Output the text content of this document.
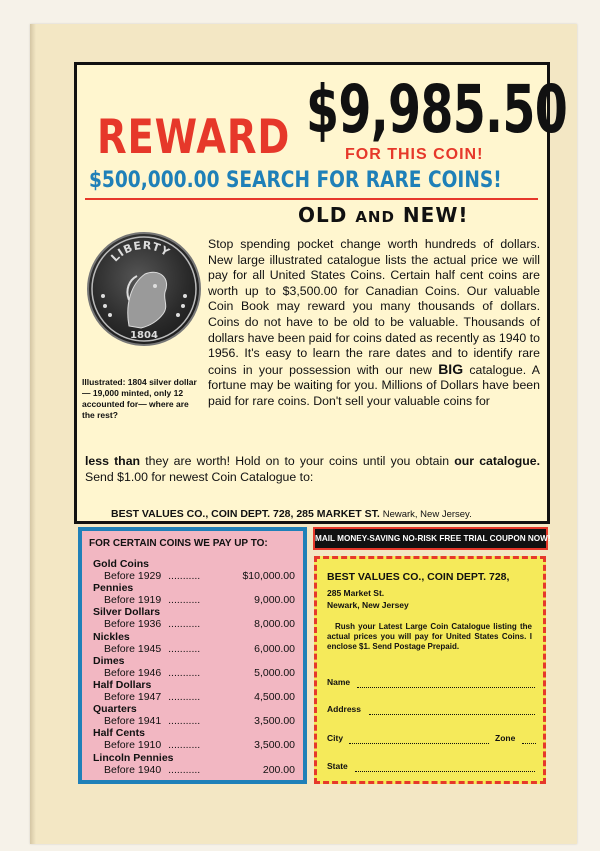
REWARD $9,985.50
FOR THIS COIN!
$500,000.00 SEARCH FOR RARE COINS!
OLD AND NEW!
LIBERTY
1804
Illustrated: 1804 silver dollar — 19,000 minted, only 12 accounted for— where are the rest?
Stop spending pocket change worth hundreds of dollars. New large illustrated catalogue lists the actual price we will pay for all United States Coins. Certain half cent coins are worth up to $3,500.00 for Canadian Coins. Our valuable Coin Book may reward you many thousands of dollars. Coins do not have to be old to be valuable. Thousands of dollars have been paid for coins dated as recently as 1940 to 1956. It's easy to learn the rare dates and to identify rare coins in your possession with our new BIG catalogue. A fortune may be waiting for you. Millions of Dollars have been paid for rare coins. Don't sell your valuable coins for
less than they are worth! Hold on to your coins until you obtain our catalogue. Send $1.00 for newest Coin Catalogue to:
BEST VALUES CO., COIN DEPT. 728, 285 MARKET ST. Newark, New Jersey.
FOR CERTAIN COINS WE PAY UP TO:
Gold Coins
Before 1929 ...........	$10,000.00
Pennies
Before 1919 ...........	9,000.00
Silver Dollars
Before 1936 ...........	8,000.00
Nickles
Before 1945 ...........	6,000.00
Dimes
Before 1946 ...........	5,000.00
Half Dollars
Before 1947 ...........	4,500.00
Quarters
Before 1941 ...........	3,500.00
Half Cents
Before 1910 ...........	3,500.00
Lincoln Pennies
Before 1940 ...........	200.00
MAIL MONEY-SAVING NO-RISK FREE TRIAL COUPON NOW!
BEST VALUES CO., COIN DEPT. 728,
285 Market St.
Newark, New Jersey
Rush your Latest Large Coin Catalogue listing the actual prices you will pay for United States Coins. I enclose $1. Send Postage Prepaid.
Name
Address
City	Zone
State
